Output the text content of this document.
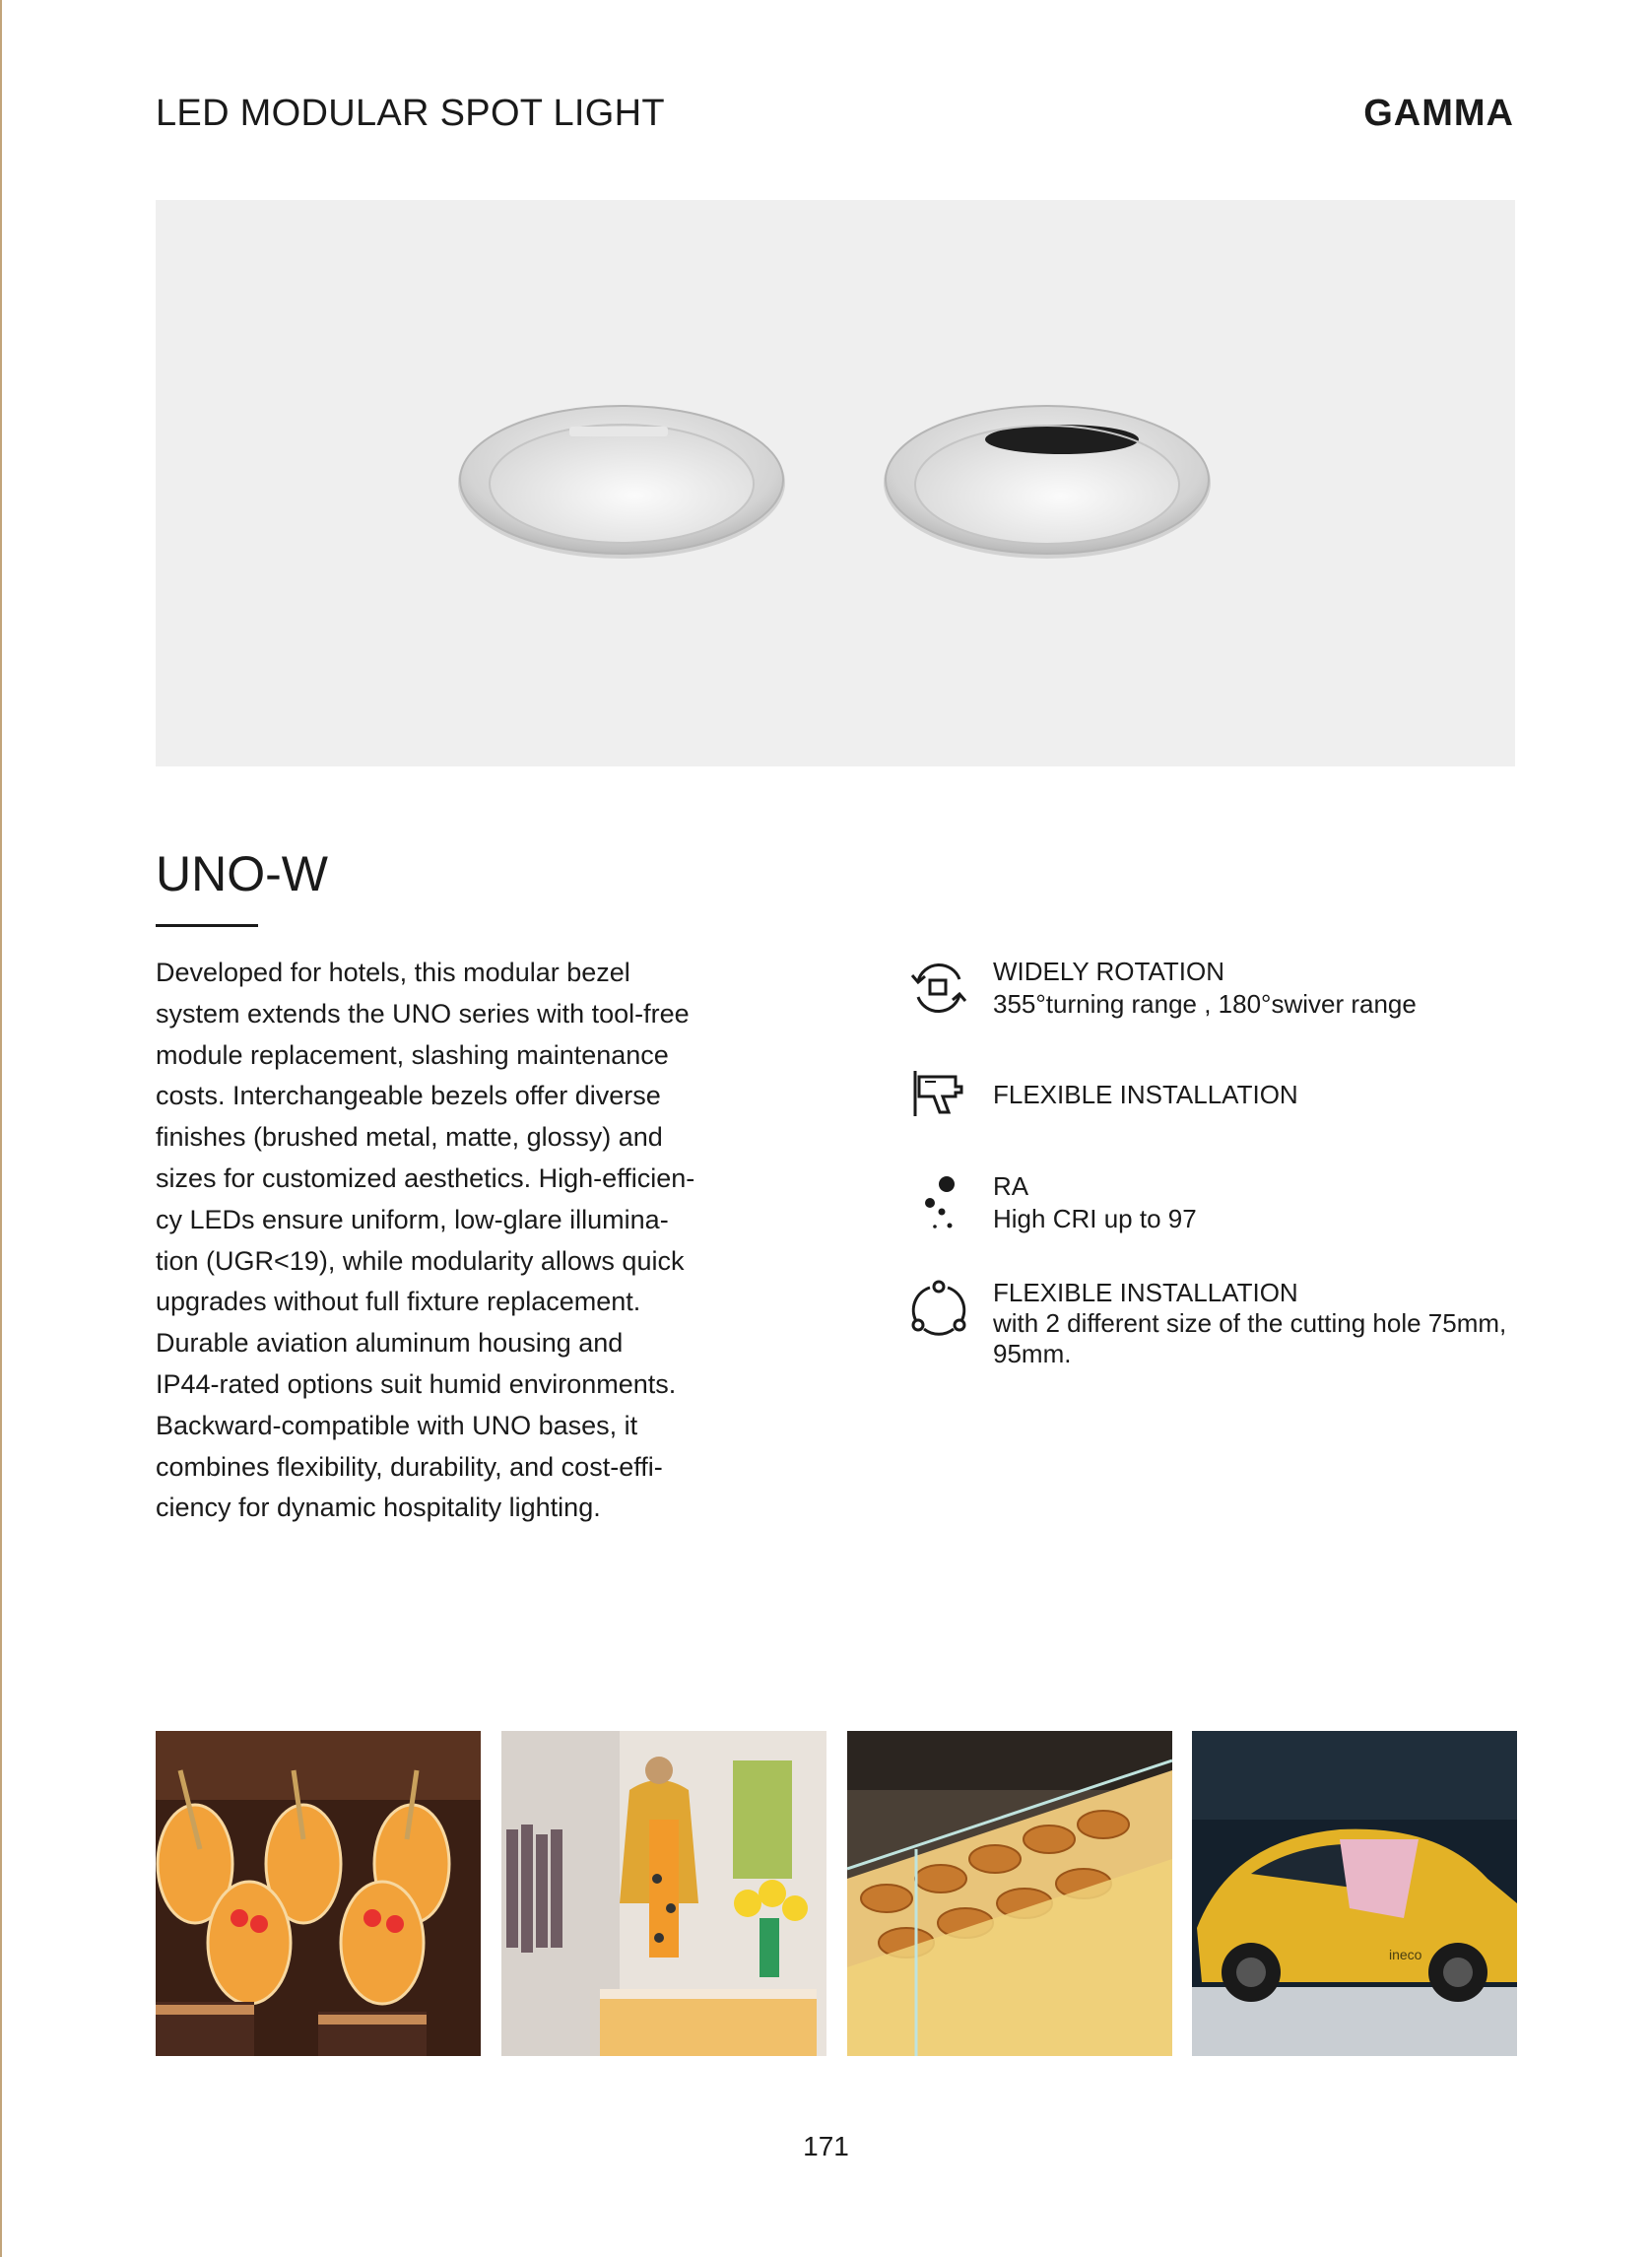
LED MODULAR SPOT LIGHT	GAMMA
UNO-W

Developed for hotels, this modular bezel

system extends the UNO series with tool-free

module replacement, slashing maintenance

costs. Interchangeable bezels offer diverse

finishes (brushed metal, matte, glossy) and

sizes for customized aesthetics. High-efficien-

cy LEDs ensure uniform, low-glare illumina-

tion (UGR<19), while modularity allows quick

upgrades without full fixture replacement.

Durable aviation aluminum housing and

IP44-rated options suit humid environments.

Backward-compatible with UNO bases, it

combines flexibility, durability, and cost-effi-

ciency for dynamic hospitality lighting.

WIDELY ROTATION
355°turning range , 180°swiver range
FLEXIBLE INSTALLATION
RA
High CRI up to 97
FLEXIBLE INSTALLATION
with 2 different size of the cutting hole 75mm, 95mm.
ineco
171
